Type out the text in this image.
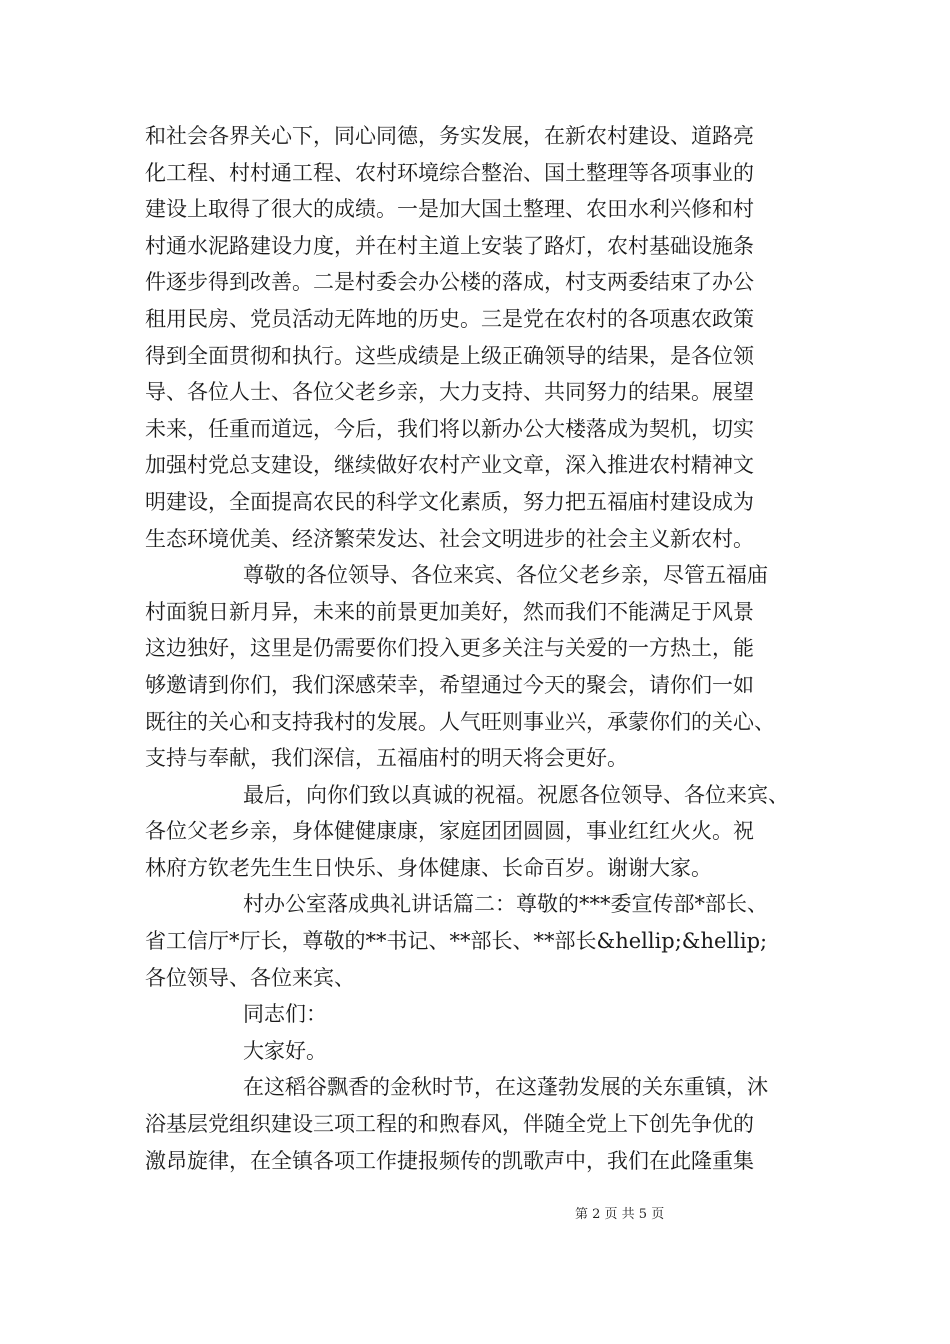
和社会各界关心下，同心同德，务实发展，在新农村建设、道路亮
化工程、村村通工程、农村环境综合整治、国土整理等各项事业的
建设上取得了很大的成绩。一是加大国土整理、农田水利兴修和村
村通水泥路建设力度，并在村主道上安装了路灯，农村基础设施条
件逐步得到改善。二是村委会办公楼的落成，村支两委结束了办公
租用民房、党员活动无阵地的历史。三是党在农村的各项惠农政策
得到全面贯彻和执行。这些成绩是上级正确领导的结果，是各位领
导、各位人士、各位父老乡亲，大力支持、共同努力的结果。展望
未来，任重而道远，今后，我们将以新办公大楼落成为契机，切实
加强村党总支建设，继续做好农村产业文章，深入推进农村精神文
明建设，全面提高农民的科学文化素质，努力把五福庙村建设成为
生态环境优美、经济繁荣发达、社会文明进步的社会主义新农村。
尊敬的各位领导、各位来宾、各位父老乡亲，尽管五福庙
村面貌日新月异，未来的前景更加美好，然而我们不能满足于风景
这边独好，这里是仍需要你们投入更多关注与关爱的一方热土，能
够邀请到你们，我们深感荣幸，希望通过今天的聚会，请你们一如
既往的关心和支持我村的发展。人气旺则事业兴，承蒙你们的关心、
支持与奉献，我们深信，五福庙村的明天将会更好。
最后，向你们致以真诚的祝福。祝愿各位领导、各位来宾、
各位父老乡亲，身体健健康康，家庭团团圆圆，事业红红火火。祝
林府方钦老先生生日快乐、身体健康、长命百岁。谢谢大家。
村办公室落成典礼讲话篇二：尊敬的***委宣传部*部长、
省工信厅*厅长，尊敬的**书记、**部长、**部长&hellip;&hellip;
各位领导、各位来宾、
同志们：
大家好。
在这稻谷飘香的金秋时节，在这蓬勃发展的关东重镇，沐
浴基层党组织建设三项工程的和煦春风，伴随全党上下创先争优的
激昂旋律，在全镇各项工作捷报频传的凯歌声中，我们在此隆重集
第 2 页 共 5 页
